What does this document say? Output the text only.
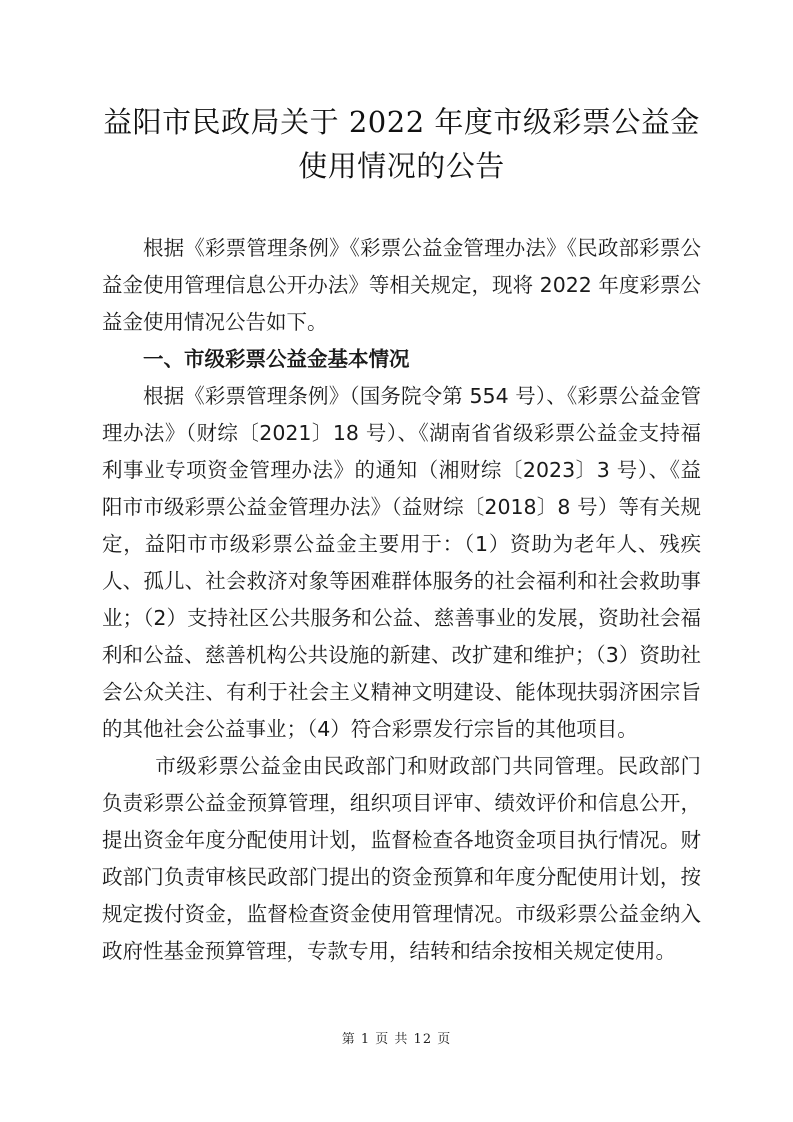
益阳市民政局关于 2022 年度市级彩票公益金
使用情况的公告

根据《彩票管理条例》《彩票公益金管理办法》《民政部彩票公益金使用管理信息公开办法》等相关规定，现将 2022 年度彩票公益金使用情况公告如下。

一、市级彩票公益金基本情况

根据《彩票管理条例》（国务院令第 554 号）、《彩票公益金管理办法》（财综〔2021〕18 号）、《湖南省省级彩票公益金支持福利事业专项资金管理办法》的通知（湘财综〔2023〕3 号）、《益阳市市级彩票公益金管理办法》（益财综〔2018〕8 号）等有关规定，益阳市市级彩票公益金主要用于：（1）资助为老年人、残疾人、孤儿、社会救济对象等困难群体服务的社会福利和社会救助事业；（2）支持社区公共服务和公益、慈善事业的发展，资助社会福利和公益、慈善机构公共设施的新建、改扩建和维护；（3）资助社会公众关注、有利于社会主义精神文明建设、能体现扶弱济困宗旨的其他社会公益事业；（4）符合彩票发行宗旨的其他项目。

市级彩票公益金由民政部门和财政部门共同管理。民政部门负责彩票公益金预算管理，组织项目评审、绩效评价和信息公开，提出资金年度分配使用计划，监督检查各地资金项目执行情况。财政部门负责审核民政部门提出的资金预算和年度分配使用计划，按规定拨付资金，监督检查资金使用管理情况。市级彩票公益金纳入政府性基金预算管理，专款专用，结转和结余按相关规定使用。

第 1 页 共 12 页
